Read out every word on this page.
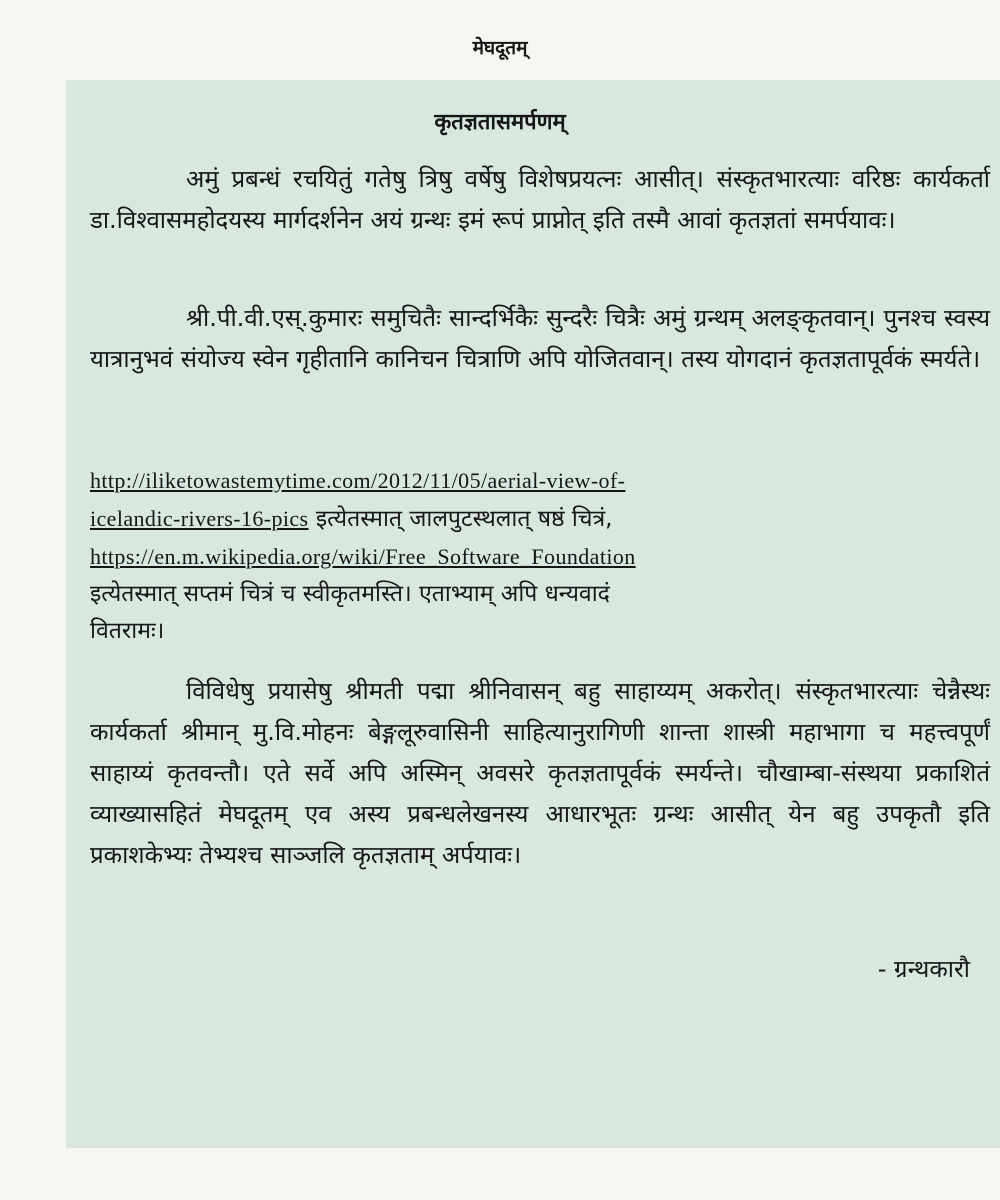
मेघदूतम्
कृतज्ञतासमर्पणम्

अमुं प्रबन्धं रचयितुं गतेषु त्रिषु वर्षेषु विशेषप्रयत्नः आसीत्। संस्कृतभारत्याः वरिष्ठः कार्यकर्ता डा.विश्वासमहोदयस्य मार्गदर्शनेन अयं ग्रन्थः इमं रूपं प्राप्नोत् इति तस्मै आवां कृतज्ञतां समर्पयावः।

श्री.पी.वी.एस्.कुमारः समुचितैः सान्दर्भिकैः सुन्दरैः चित्रैः अमुं ग्रन्थम् अलङ्कृतवान्। पुनश्च स्वस्य यात्रानुभवं संयोज्य स्वेन गृहीतानि कानिचन चित्राणि अपि योजितवान्। तस्य योगदानं कृतज्ञतापूर्वकं स्मर्यते।

http://iliketowastemytime.com/2012/11/05/aerial-view-of-
icelandic-rivers-16-pics इत्येतस्मात् जालपुटस्थलात् षष्ठं चित्रं,
https://en.m.wikipedia.org/wiki/Free_Software_Foundation
इत्येतस्मात् सप्तमं चित्रं च स्वीकृतमस्ति। एताभ्याम् अपि धन्यवादं
वितरामः।

विविधेषु प्रयासेषु श्रीमती पद्मा श्रीनिवासन् बहु साहाय्यम् अकरोत्। संस्कृतभारत्याः चेन्नैस्थः कार्यकर्ता श्रीमान् मु.वि.मोहनः बेङ्गलूरुवासिनी साहित्यानुरागिणी शान्ता शास्त्री महाभागा च महत्त्वपूर्णं साहाय्यं कृतवन्तौ। एते सर्वे अपि अस्मिन् अवसरे कृतज्ञतापूर्वकं स्मर्यन्ते। चौखाम्बा-संस्थया प्रकाशितं व्याख्यासहितं मेघदूतम् एव अस्य प्रबन्धलेखनस्य आधारभूतः ग्रन्थः आसीत् येन बहु उपकृतौ इति प्रकाशकेभ्यः तेभ्यश्च साञ्जलि कृतज्ञताम् अर्पयावः।

- ग्रन्थकारौ
